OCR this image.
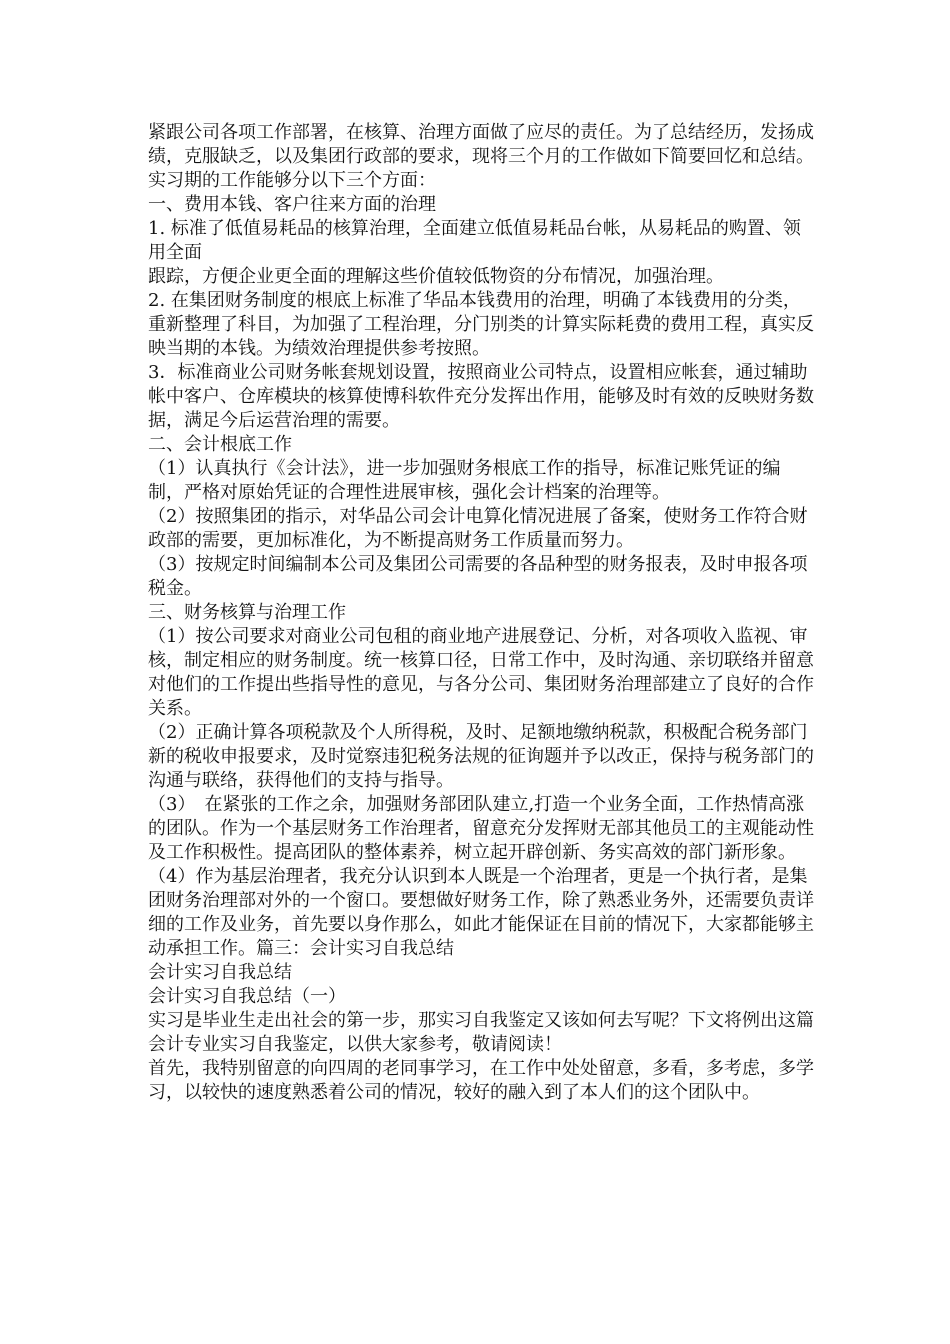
紧跟公司各项工作部署，在核算、治理方面做了应尽的责任。为了总结经历，发扬成绩，克服缺乏，以及集团行政部的要求，现将三个月的工作做如下简要回忆和总结。

实习期的工作能够分以下三个方面：

一、费用本钱、客户往来方面的治理

1. 标准了低值易耗品的核算治理，全面建立低值易耗品台帐，从易耗品的购置、领用全面

跟踪，方便企业更全面的理解这些价值较低物资的分布情况，加强治理。

2. 在集团财务制度的根底上标准了华品本钱费用的治理，明确了本钱费用的分类，重新整理了科目，为加强了工程治理，分门别类的计算实际耗费的费用工程，真实反映当期的本钱。为绩效治理提供参考按照。

3．标准商业公司财务帐套规划设置，按照商业公司特点，设置相应帐套，通过辅助帐中客户、仓库模块的核算使博科软件充分发挥出作用，能够及时有效的反映财务数据，满足今后运营治理的需要。

二、会计根底工作

（1）认真执行《会计法》，进一步加强财务根底工作的指导，标准记账凭证的编制，严格对原始凭证的合理性进展审核，强化会计档案的治理等。

（2）按照集团的指示，对华品公司会计电算化情况进展了备案，使财务工作符合财政部的需要，更加标准化，为不断提高财务工作质量而努力。

（3）按规定时间编制本公司及集团公司需要的各品种型的财务报表，及时申报各项税金。

三、财务核算与治理工作

（1）按公司要求对商业公司包租的商业地产进展登记、分析，对各项收入监视、审核，制定相应的财务制度。统一核算口径，日常工作中，及时沟通、亲切联络并留意对他们的工作提出些指导性的意见，与各分公司、集团财务治理部建立了良好的合作关系。

（2）正确计算各项税款及个人所得税，及时、足额地缴纳税款，积极配合税务部门新的税收申报要求，及时觉察违犯税务法规的征询题并予以改正，保持与税务部门的沟通与联络，获得他们的支持与指导。

（3）　在紧张的工作之余，加强财务部团队建立,打造一个业务全面，工作热情高涨的团队。作为一个基层财务工作治理者，留意充分发挥财无部其他员工的主观能动性及工作积极性。提高团队的整体素养，树立起开辟创新、务实高效的部门新形象。

（4）作为基层治理者，我充分认识到本人既是一个治理者，更是一个执行者，是集团财务治理部对外的一个窗口。要想做好财务工作，除了熟悉业务外，还需要负责详细的工作及业务，首先要以身作那么，如此才能保证在目前的情况下，大家都能够主动承担工作。篇三：会计实习自我总结

会计实习自我总结

会计实习自我总结（一）

实习是毕业生走出社会的第一步，那实习自我鉴定又该如何去写呢？下文将例出这篇会计专业实习自我鉴定，以供大家参考，敬请阅读！

首先，我特别留意的向四周的老同事学习，在工作中处处留意，多看，多考虑，多学习，以较快的速度熟悉着公司的情况，较好的融入到了本人们的这个团队中。
